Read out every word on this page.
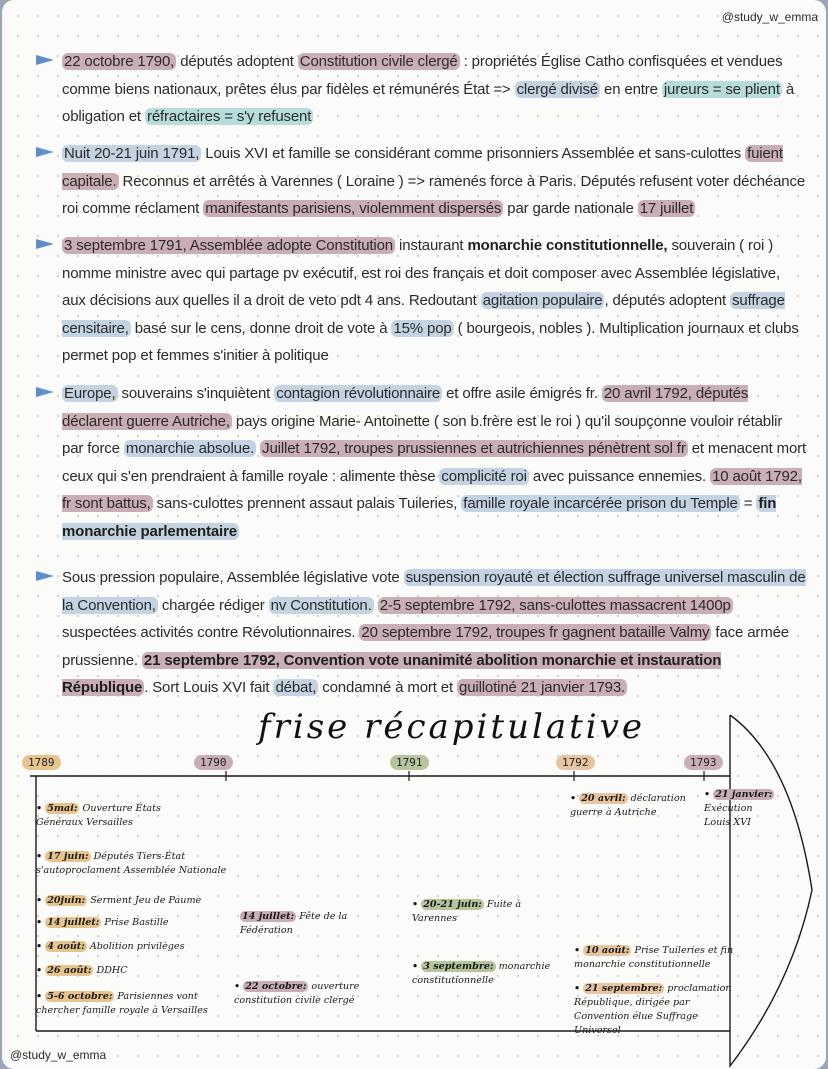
22 octobre 1790, députés adoptent Constitution civile clergé : propriétés Église Catho confisquées et vendues comme biens nationaux, prêtes élus par fidèles et rémunérés État => clergé divisé en entre jureurs = se plient à obligation et réfractaires = s'y refusent
Nuit 20-21 juin 1791, Louis XVI et famille se considérant comme prisonniers Assemblée et sans-culottes fuient capitale. Reconnus et arrêtés à Varennes ( Loraine ) => ramenés force à Paris. Députés refusent voter déchéance roi comme réclament manifestants parisiens, violemment dispersés par garde nationale 17 juillet
3 septembre 1791, Assemblée adopte Constitution instaurant monarchie constitutionnelle, souverain ( roi ) nomme ministre avec qui partage pv exécutif, est roi des français et doit composer avec Assemblée législative, aux décisions aux quelles il a droit de veto pdt 4 ans. Redoutant agitation populaire , députés adoptent suffrage censitaire, basé sur le cens, donne droit de vote à 15% pop ( bourgeois, nobles ). Multiplication journaux et clubs permet pop et femmes s'initier à politique
Europe, souverains s'inquiètent contagion révolutionnaire et offre asile émigrés fr. 20 avril 1792, députés déclarent guerre Autriche, pays origine Marie- Antoinette ( son b.frère est le roi ) qu'il soupçonne vouloir rétablir par force monarchie absolue. Juillet 1792, troupes prussiennes et autrichiennes pénètrent sol fr et menacent mort ceux qui s'en prendraient à famille royale : alimente thèse complicité roi avec puissance ennemies. 10 août 1792, fr sont battus, sans-culottes prennent assaut palais Tuileries, famille royale incarcérée prison du Temple = fin monarchie parlementaire
Sous pression populaire, Assemblée législative vote suspension royauté et élection suffrage universel masculin de la Convention, chargée rédiger nv Constitution. 2-5 septembre 1792, sans-culottes massacrent 1400p suspectées activités contre Révolutionnaires. 20 septembre 1792, troupes fr gagnent bataille Valmy face armée prussienne. 21 septembre 1792, Convention vote unanimité abolition monarchie et instauration République . Sort Louis XVI fait débat, condamné à mort et guillotiné 21 janvier 1793.
frise récapitulative
1789	1790	1791	1792	1793
• 5mai: Ouverture États Généraux Versailles
• 17 juin: Députés Tiers-État s'autoproclament Assemblée Nationale
• 20juin: Serment Jeu de Paume
• 14 juillet: Prise Bastille
• 4 août: Abolition privilèges
• 26 août: DDHC
• 5-6 octobre: Parisiennes vont chercher famille royale à Versailles
14 juillet: Fête de la Fédération
• 22 octobre: ouverture constitution civile clergé
• 20-21 juin: Fuite à Varennes
• 3 septembre: monarchie constitutionnelle
• 20 avril: déclaration guerre à Autriche
• 10 août: Prise Tuileries et fin monarchie constitutionnelle
• 21 septembre: proclamation République, dirigée par Convention élue Suffrage Universel
• 21 janvier: Exécution Louis XVI
@study_w_emma
@study_w_emma
